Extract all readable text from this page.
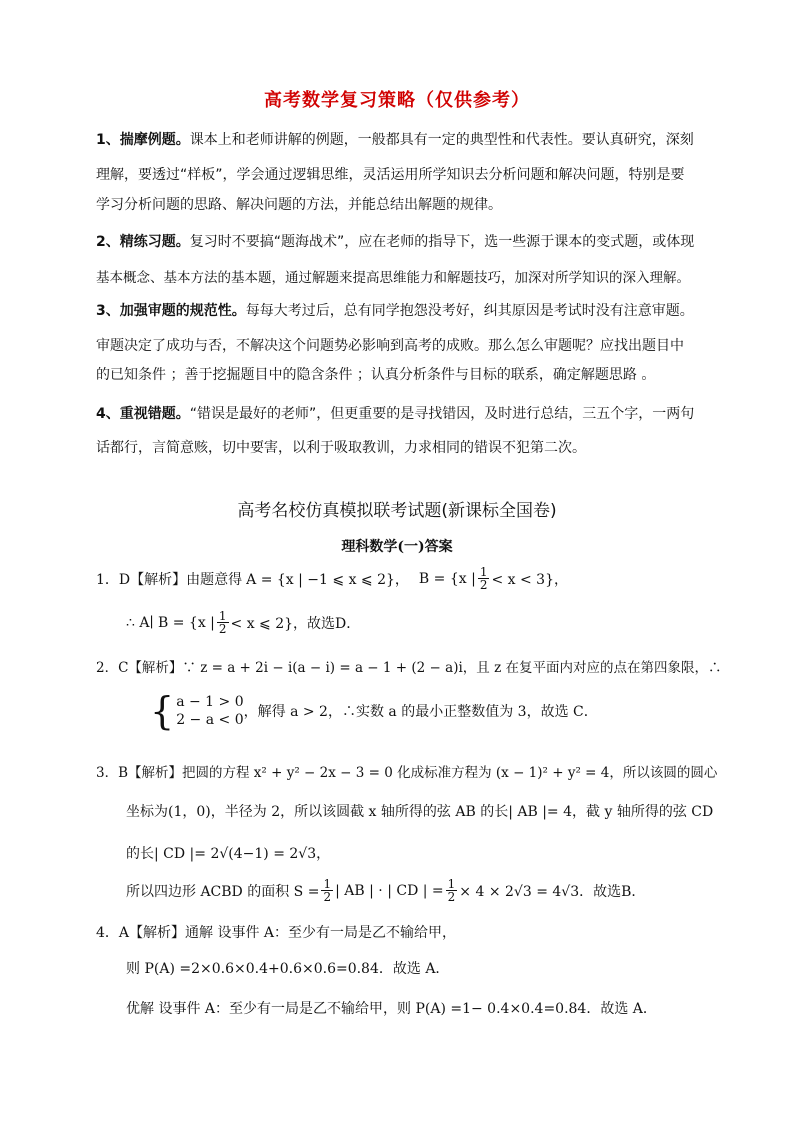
高考数学复习策略（仅供参考）
1、揣摩例题。课本上和老师讲解的例题，一般都具有一定的典型性和代表性。要认真研究，深刻
理解，要透过“样板”，学会通过逻辑思维，灵活运用所学知识去分析问题和解决问题，特别是要
学习分析问题的思路、解决问题的方法，并能总结出解题的规律。
2、精练习题。复习时不要搞“题海战术”，应在老师的指导下，选一些源于课本的变式题，或体现
基本概念、基本方法的基本题，通过解题来提高思维能力和解题技巧，加深对所学知识的深入理解。
3、加强审题的规范性。每每大考过后，总有同学抱怨没考好，纠其原因是考试时没有注意审题。
审题决定了成功与否，不解决这个问题势必影响到高考的成败。那么怎么审题呢？应找出题目中
的已知条件 ；善于挖掘题目中的隐含条件 ；认真分析条件与目标的联系，确定解题思路 。
4、重视错题。“错误是最好的老师”，但更重要的是寻找错因，及时进行总结，三五个字，一两句
话都行，言简意赅，切中要害，以利于吸取教训，力求相同的错误不犯第二次。
高考名校仿真模拟联考试题(新课标全国卷)
理科数学(一)答案
1．D【解析】由题意得 A = {x | −1 ⩽ x ⩽ 2}， B = {x | $\frac{1}{2} < x < 3$}，
∴ A∣ B = {x | $\frac{1}{2} < x$ ⩽ 2}，故选D．
2．C【解析】∵ z = a + 2i − i(a − i) = a − 1 + (2 − a)i，且 z 在复平面内对应的点在第四象限，∴
{ a − 1 > 0
2 − a < 0 ，解得 a > 2，∴实数 a 的最小正整数值为 3，故选 C．
3．B【解析】把圆的方程 x² + y² − 2x − 3 = 0 化成标准方程为 (x − 1)² + y² = 4，所以该圆的圆心
坐标为(1，0)，半径为 2，所以该圆截 x 轴所得的弦 AB 的长| AB |= 4，截 y 轴所得的弦 CD
的长| CD |= 2√(4−1) = 2√3，
所以四边形 ACBD 的面积 $S = \frac{1}{2}$ | AB | · | CD | = $\frac{1}{2} \times 4 \times 2√3 = 4√3$．故选B．
4．A【解析】通解 设事件 A：至少有一局是乙不输给甲，
则 P(A) =2×0.6×0.4+0.6×0.6=0.84．故选 A．
优解 设事件 A：至少有一局是乙不输给甲，则 P(A) =1− 0.4×0.4=0.84．故选 A．
